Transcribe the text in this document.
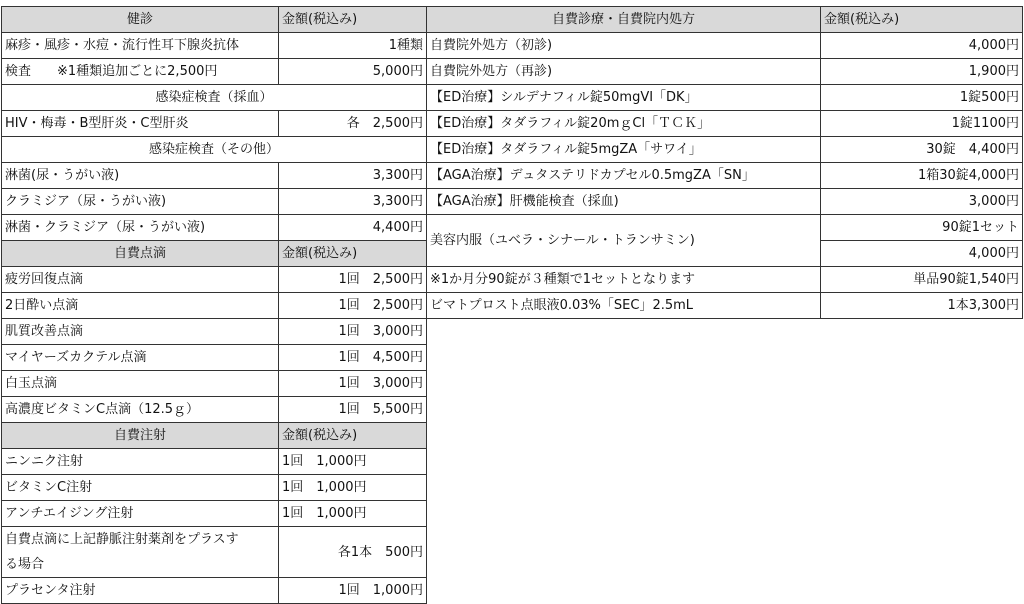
健診	金額(税込み)
麻疹・風疹・水痘・流行性耳下腺炎抗体	1種類
検査　　※1種類追加ごとに2,500円	5,000円
感染症検査（採血）	
HIV・梅毒・B型肝炎・C型肝炎	各　2,500円
感染症検査（その他）	
淋菌(尿・うがい液)	3,300円
クラミジア（尿・うがい液)	3,300円
淋菌・クラミジア（尿・うがい液)	4,400円
自費点滴	金額(税込み)
疲労回復点滴	1回　2,500円
2日酔い点滴	1回　2,500円
肌質改善点滴	1回　3,000円
マイヤーズカクテル点滴	1回　4,500円
白玉点滴	1回　3,000円
高濃度ビタミンC点滴（12.5ｇ）	1回　5,500円
自費注射	金額(税込み)
ニンニク注射	1回　1,000円
ビタミンC注射	1回　1,000円
アンチエイジング注射	1回　1,000円

自費点滴に上記静脈注射薬剤をプラスす
る場合	各1本　500円
プラセンタ注射	1回　1,000円
自費診療・自費院内処方	金額(税込み)
自費院外処方（初診)	4,000円
自費院外処方（再診)	1,900円
【ED治療】シルデナフィル錠50mgVI「DK」	1錠500円
【ED治療】タダラフィル錠20mｇCl「ＴＣＫ」	1錠1100円
【ED治療】タダラフィル錠5mgZA「サワイ」	30錠　4,400円
【AGA治療】デュタステリドカプセル0.5mgZA「SN」	1箱30錠4,000円
【AGA治療】肝機能検査（採血)	3,000円
美容内服（ユベラ・シナール・トランサミン)	90錠1セット
	4,000円
※1か月分90錠が３種類で1セットとなります	単品90錠1,540円
ビマトプロスト点眼液0.03%「SEC」2.5mL	1本3,300円
